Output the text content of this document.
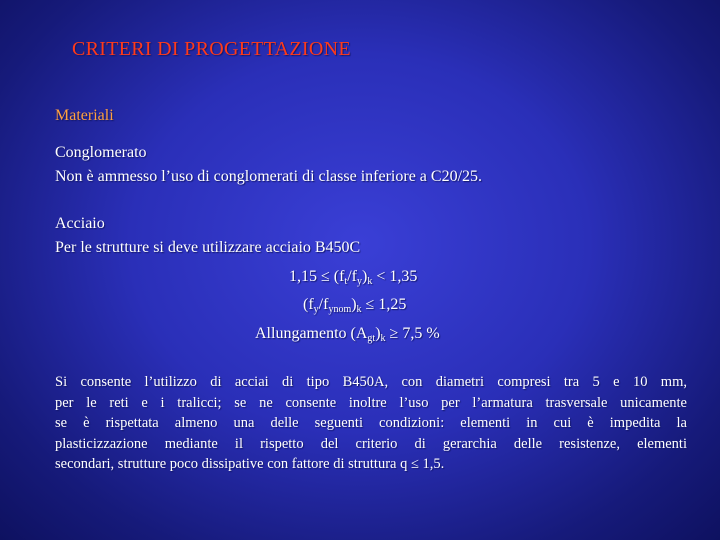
CRITERI DI PROGETTAZIONE
Materiali
Conglomerato
Non è ammesso l’uso di conglomerati di classe inferiore a C20/25.
Acciaio
Per le strutture si deve utilizzare acciaio B450C
$1,15 \le (f_t/f_y)_k < 1,35$
$(f_y/f_{ynom})_k \le 1,25$
Allungamento $(A_{gt})_k \ge 7,5$ %
Si consente l’utilizzo di acciai di tipo B450A, con diametri compresi tra 5 e 10 mm,
per le reti e i tralicci; se ne consente inoltre l’uso per l’armatura trasversale unicamente
se è rispettata almeno una delle seguenti condizioni: elementi in cui è impedita la
plasticizzazione mediante il rispetto del criterio di gerarchia delle resistenze, elementi
secondari, strutture poco dissipative con fattore di struttura q ≤ 1,5.
